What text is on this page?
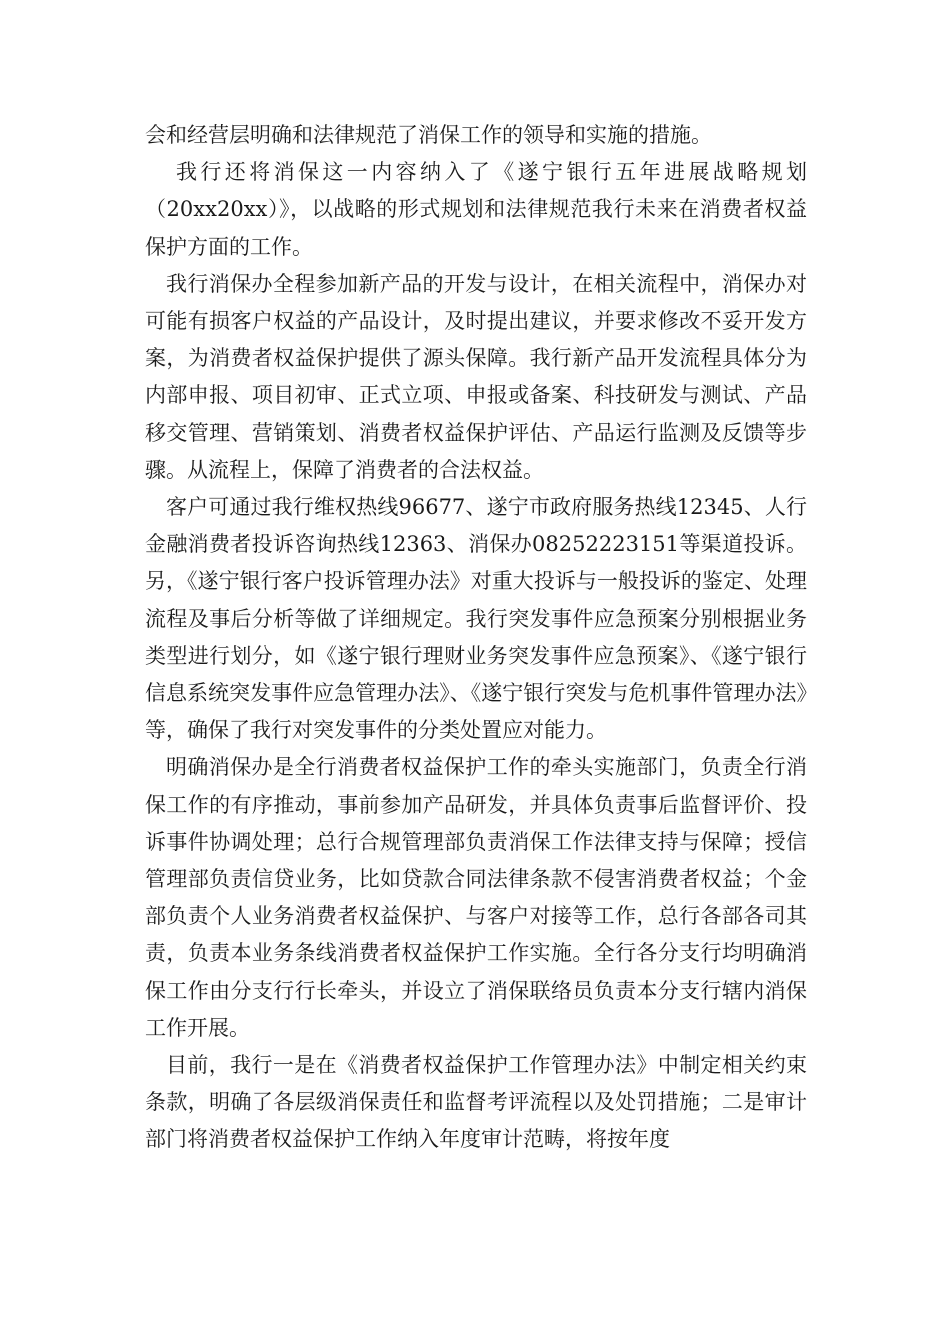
会和经营层明确和法律规范了消保工作的领导和实施的措施。

我行还将消保这一内容纳入了《遂宁银行五年进展战略规划（20xx20xx）》，以战略的形式规划和法律规范我行未来在消费者权益保护方面的工作。

我行消保办全程参加新产品的开发与设计，在相关流程中，消保办对可能有损客户权益的产品设计，及时提出建议，并要求修改不妥开发方案，为消费者权益保护提供了源头保障。我行新产品开发流程具体分为内部申报、项目初审、正式立项、申报或备案、科技研发与测试、产品移交管理、营销策划、消费者权益保护评估、产品运行监测及反馈等步骤。从流程上，保障了消费者的合法权益。

客户可通过我行维权热线96677、遂宁市政府服务热线12345、人行金融消费者投诉咨询热线12363、消保办08252223151等渠道投诉。另，《遂宁银行客户投诉管理办法》对重大投诉与一般投诉的鉴定、处理流程及事后分析等做了详细规定。我行突发事件应急预案分别根据业务类型进行划分，如《遂宁银行理财业务突发事件应急预案》、《遂宁银行信息系统突发事件应急管理办法》、《遂宁银行突发与危机事件管理办法》等，确保了我行对突发事件的分类处置应对能力。

明确消保办是全行消费者权益保护工作的牵头实施部门，负责全行消保工作的有序推动，事前参加产品研发，并具体负责事后监督评价、投诉事件协调处理；总行合规管理部负责消保工作法律支持与保障；授信管理部负责信贷业务，比如贷款合同法律条款不侵害消费者权益；个金部负责个人业务消费者权益保护、与客户对接等工作，总行各部各司其责，负责本业务条线消费者权益保护工作实施。全行各分支行均明确消保工作由分支行行长牵头，并设立了消保联络员负责本分支行辖内消保工作开展。

目前，我行一是在《消费者权益保护工作管理办法》中制定相关约束条款，明确了各层级消保责任和监督考评流程以及处罚措施；二是审计部门将消费者权益保护工作纳入年度审计范畴，将按年度
